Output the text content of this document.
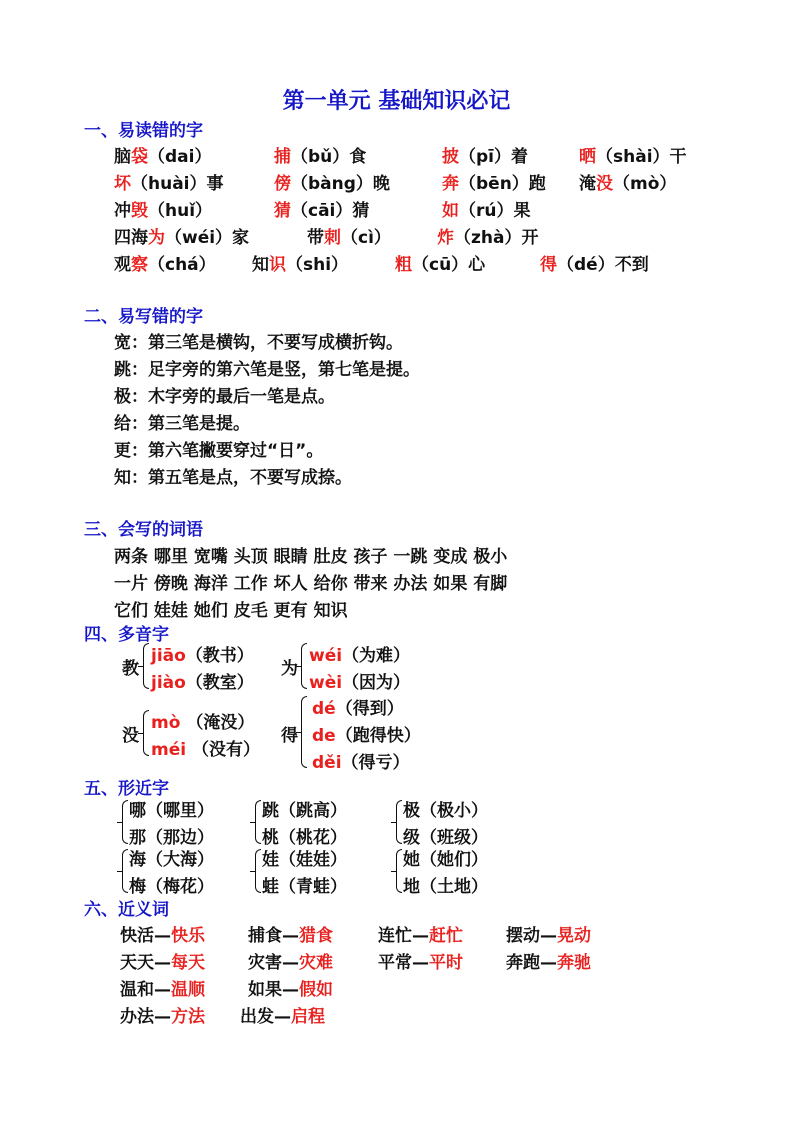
第一单元 基础知识必记
一、易读错的字
脑袋（dai）	捕（bǔ）食	披（pī）着	晒（shài）干
坏（huài）事	傍（bàng）晚	奔（bēn）跑 淹没（mò）
冲毁（huǐ）	猜（cāi）猜	如（rú）果
四海为（wéi）家	带刺（cì）	炸（zhà）开
观察（chá） 知识（shi）	粗（cū）心	得（dé）不到
二、易写错的字
宽：第三笔是横钩，不要写成横折钩。
跳：足字旁的第六笔是竖，第七笔是提。
极：木字旁的最后一笔是点。
给：第三笔是提。
更：第六笔撇要穿过“日”。
知：第五笔是点，不要写成捺。
三、会写的词语
两条 哪里 宽嘴 头顶 眼睛 肚皮 孩子 一跳 变成 极小
一片 傍晚 海洋 工作 坏人 给你 带来 办法 如果 有脚
它们 娃娃 她们 皮毛 更有 知识
四、多音字
教
jiāo（教书）
jiào（教室）
为
wéi（为难）
wèi（因为）
没
mò （淹没）
méi （没有）
得
dé（得到）
de（跑得快）
děi（得亏）
五、形近字
哪（哪里）
那（那边）
跳（跳高）
桃（桃花）
极（极小）
级（班级）
海（大海）
梅（梅花）
娃（娃娃）
蛙（青蛙）
她（她们）
地（土地）
六、近义词
快活—快乐	捕食—猎食	连忙—赶忙	摆动—晃动
天天—每天	灾害—灾难	平常—平时	奔跑—奔驰
温和—温顺	如果—假如
办法—方法 出发—启程
